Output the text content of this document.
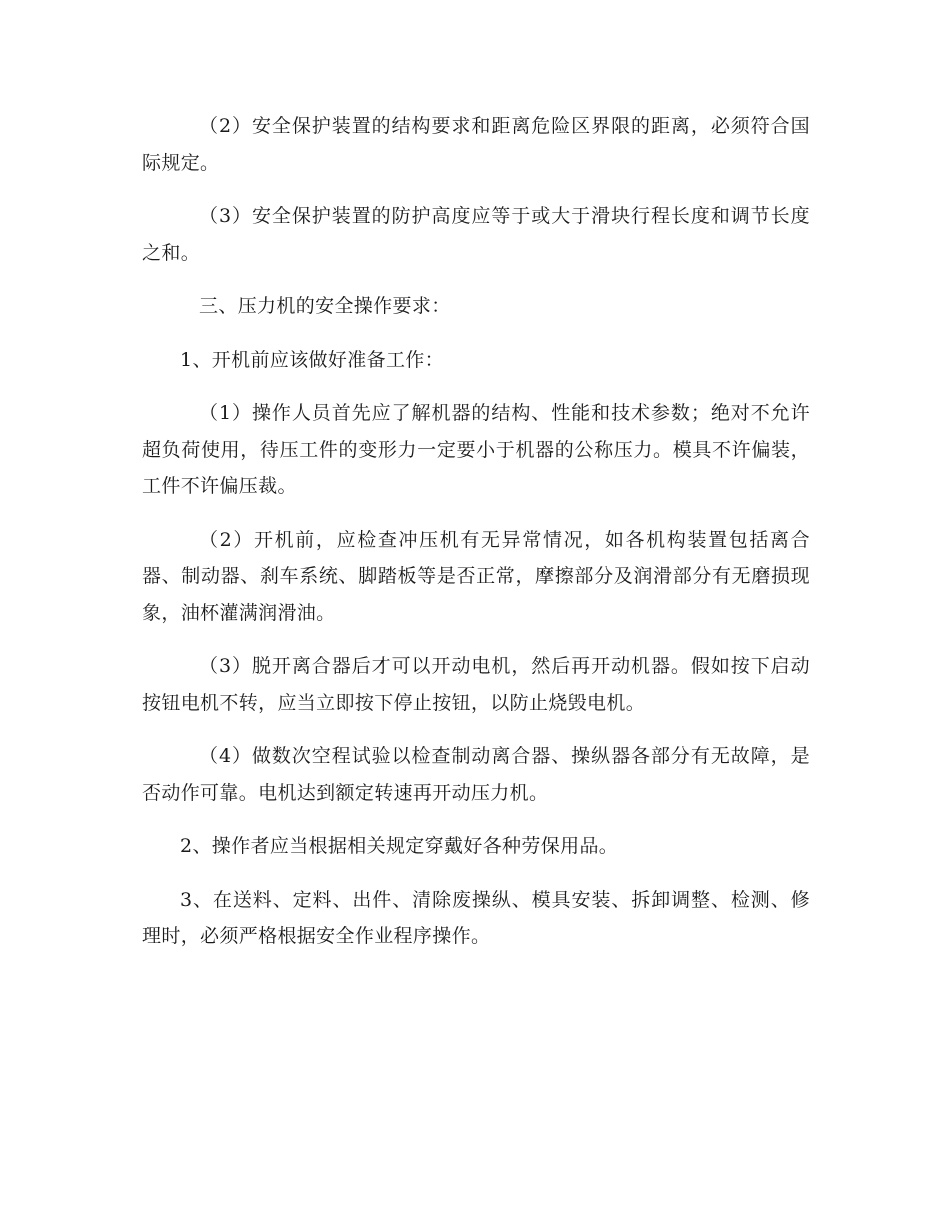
（2）安全保护装置的结构要求和距离危险区界限的距离，必须符合国际规定。

（3）安全保护装置的防护高度应等于或大于滑块行程长度和调节长度之和。

三、压力机的安全操作要求：

1、开机前应该做好准备工作：

（1）操作人员首先应了解机器的结构、性能和技术参数；绝对不允许超负荷使用，待压工件的变形力一定要小于机器的公称压力。模具不许偏装，工件不许偏压裁。

（2）开机前，应检查冲压机有无异常情况，如各机构装置包括离合器、制动器、刹车系统、脚踏板等是否正常，摩擦部分及润滑部分有无磨损现象，油杯灌满润滑油。

（3）脱开离合器后才可以开动电机，然后再开动机器。假如按下启动按钮电机不转，应当立即按下停止按钮，以防止烧毁电机。

（4）做数次空程试验以检查制动离合器、操纵器各部分有无故障，是否动作可靠。电机达到额定转速再开动压力机。

2、操作者应当根据相关规定穿戴好各种劳保用品。

3、在送料、定料、出件、清除废操纵、模具安装、拆卸调整、检测、修理时，必须严格根据安全作业程序操作。
